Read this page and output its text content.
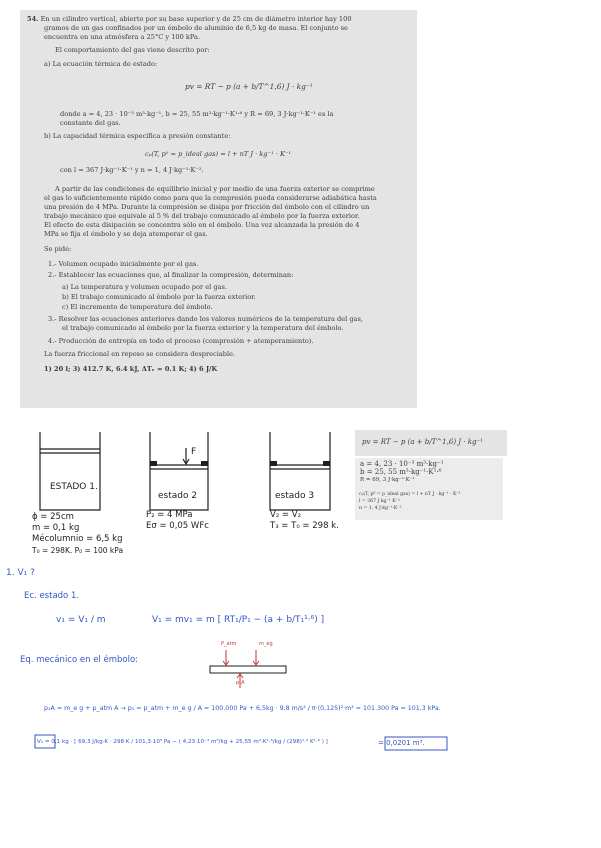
54. En un cilindro vertical, abierto por su base superior y de 25 cm de diámetro interior hay 100
gramos de un gas confinados por un émbolo de aluminio de 6,5 kg de masa. El conjunto se
encuentra en una atmósfera a 25°C y 100 kPa.
El comportamiento del gas viene descrito por:
a) La ecuación térmica de estado:
pv = RT − p (a + b/T^1,6) J · kg⁻¹
donde a = 4, 23 · 10⁻³ m³·kg⁻¹, b = 25, 55 m³·kg⁻¹·K¹·⁶ y R = 69, 3 J·kg⁻¹·K⁻¹ es la
constante del gas.
b) La capacidad térmica específica a presión constante:
cₚ(T, p⁰ = p_ideal gas) = l + nT J · kg⁻¹ · K⁻¹
con l = 367 J·kg⁻¹·K⁻¹ y n = 1, 4 J·kg⁻¹·K⁻².
A partir de las condiciones de equilibrio inicial y por medio de una fuerza exterior se comprime
el gas lo suficientemente rápido como para que la compresión pueda considerarse adiabática hasta
una presión de 4 MPa. Durante la compresión se disipa por fricción del émbolo con el cilindro un
trabajo mecánico que equivale al 5 % del trabajo comunicado al émbolo por la fuerza exterior.
El efecto de esta disipación se concentra sólo en el émbolo. Una vez alcanzada la presión de 4
MPa se fija el émbolo y se deja atemperar el gas.
Se pide:
1.- Volumen ocupado inicialmente por el gas.
2.- Establecer las ecuaciones que, al finalizar la compresión, determinan:
a) La temperatura y volumen ocupado por el gas.
b) El trabajo comunicado al émbolo por la fuerza exterior.
c) El incremento de temperatura del émbolo.
3.- Resolver las ecuaciones anteriores dando los valores numéricos de la temperatura del gas,
el trabajo comunicado al émbolo por la fuerza exterior y la temperatura del émbolo.
4.- Producción de entropía en todo el proceso (compresión + atemperamiento).
La fuerza friccional en reposo se considera despreciable.
1) 20 l; 3) 412.7 K, 6.4 kJ, ΔTₑ = 0.1 K; 4) 6 J/K
ESTADO 1.
estado 2	estado 3
F
ϕ = 25cm
m = 0,1 kg
Mécolumnio = 6,5 kg
T₀ = 298K. P₀ = 100 kPa
P₂ = 4 MPa
Eσ = 0,05 WFc
V₂ = V₂
T₃ = T₀ = 298 k.
pv = RT − p (a + b/T^1,6) J · kg⁻¹
a = 4, 23 · 10⁻³ m³·kg⁻¹
b = 25, 55 m³·kg⁻¹·K¹·⁶
R = 69, 3 J·kg⁻¹·K⁻¹
cₚ(T, p⁰ = p_ideal gas) = l + nT J · kg⁻¹ · K⁻¹
l = 367 J kg⁻¹ K⁻¹
n = 1, 4 J·kg⁻¹·K⁻²
1. V₁ ?
Ec. estado 1.
v₁ = V₁ / m	V₁ = mv₁ = m [ RT₁/P₁ − (a + b/T₁¹·⁶) ]
Eq. mecánico en el émbolo:
P_atm	m_eg
p₁A
p₁A = m_e g + p_atm A → p₁ = p_atm + m_e g / A = 100.000 Pa + 6,5kg · 9,8 m/s² / π·(0,125)²·m² = 101.300 Pa = 101,3 kPa.
V₁ = 0,1 kg · [ 69,3 J/kg·K · 298 K / 101,3·10³ Pa − ( 4,23·10⁻³ m³/kg + 25,55 m³·K¹·⁶/kg / (298)¹·⁶ K¹·⁶ ) ]	= 0,0201 m³.
